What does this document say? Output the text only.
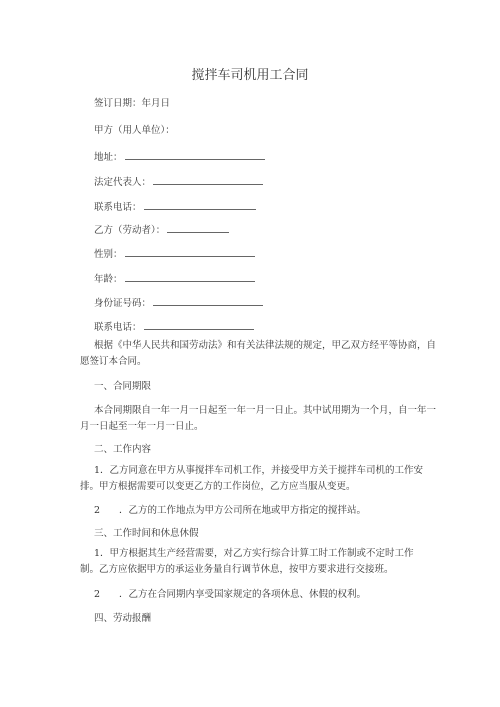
搅拌车司机用工合同
签订日期：年月日
甲方（用人单位）：
地址：
法定代表人：
联系电话：
乙方（劳动者）：
性别：
年龄：
身份证号码：
联系电话：
根据《中华人民共和国劳动法》和有关法律法规的规定，甲乙双方经平等协商，自
愿签订本合同。
一、合同期限
本合同期限自一年一月一日起至一年一月一日止。其中试用期为一个月，自一年一
月一日起至一年一月一日止。
二、工作内容
1．乙方同意在甲方从事搅拌车司机工作，并接受甲方关于搅拌车司机的工作安
排。甲方根据需要可以变更乙方的工作岗位，乙方应当服从变更。
2　　．乙方的工作地点为甲方公司所在地或甲方指定的搅拌站。
三、工作时间和休息休假
1．甲方根据其生产经营需要，对乙方实行综合计算工时工作制或不定时工作
制。乙方应依据甲方的承运业务量自行调节休息，按甲方要求进行交接班。
2　　．乙方在合同期内享受国家规定的各项休息、休假的权利。
四、劳动报酬
